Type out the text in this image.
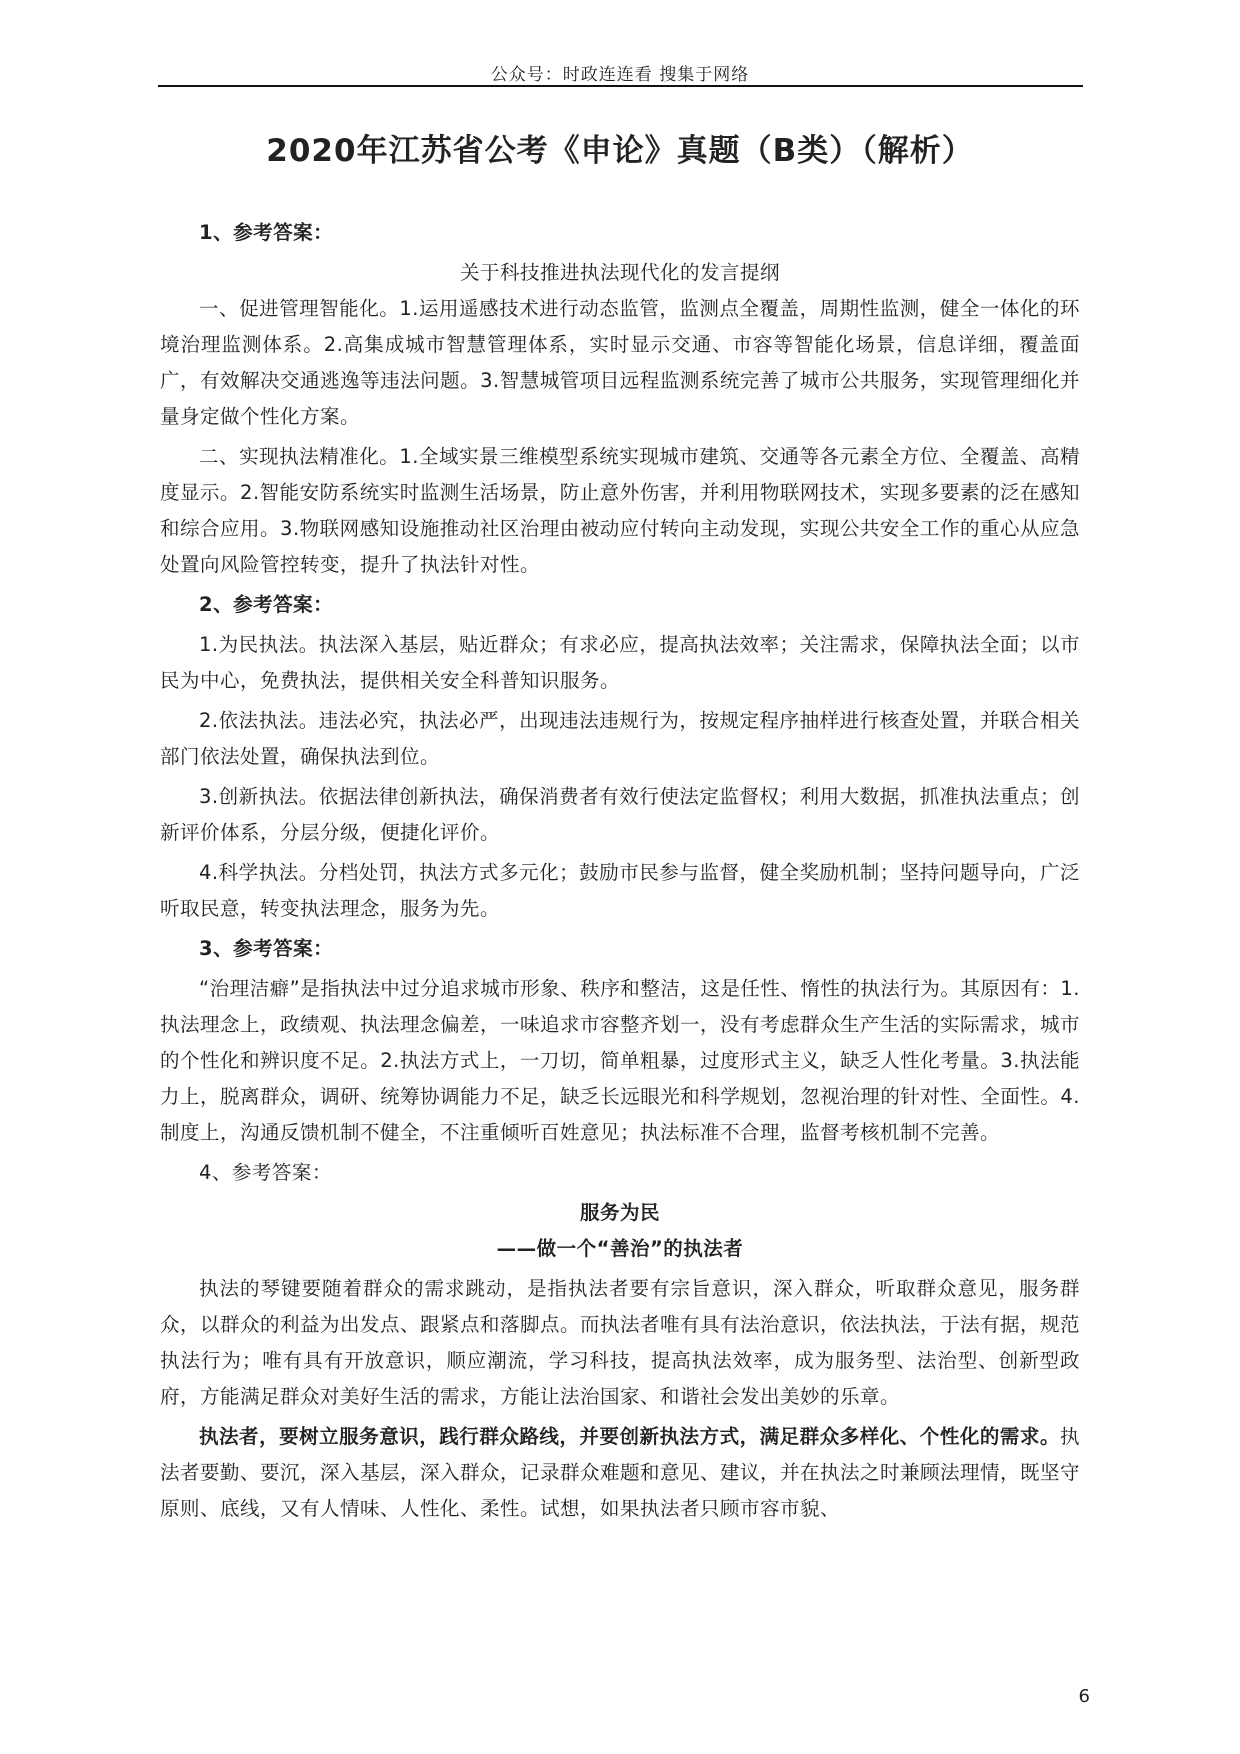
公众号：时政连连看 搜集于网络
2020年江苏省公考《申论》真题（B类）（解析）

1、参考答案：

关于科技推进执法现代化的发言提纲

一、促进管理智能化。1.运用遥感技术进行动态监管，监测点全覆盖，周期性监测，健全一体化的环境治理监测体系。2.高集成城市智慧管理体系，实时显示交通、市容等智能化场景，信息详细，覆盖面广，有效解决交通逃逸等违法问题。3.智慧城管项目远程监测系统完善了城市公共服务，实现管理细化并量身定做个性化方案。

二、实现执法精准化。1.全域实景三维模型系统实现城市建筑、交通等各元素全方位、全覆盖、高精度显示。2.智能安防系统实时监测生活场景，防止意外伤害，并利用物联网技术，实现多要素的泛在感知和综合应用。3.物联网感知设施推动社区治理由被动应付转向主动发现，实现公共安全工作的重心从应急处置向风险管控转变，提升了执法针对性。

2、参考答案：

1.为民执法。执法深入基层，贴近群众；有求必应，提高执法效率；关注需求，保障执法全面；以市民为中心，免费执法，提供相关安全科普知识服务。

2.依法执法。违法必究，执法必严，出现违法违规行为，按规定程序抽样进行核查处置，并联合相关部门依法处置，确保执法到位。

3.创新执法。依据法律创新执法，确保消费者有效行使法定监督权；利用大数据，抓准执法重点；创新评价体系，分层分级，便捷化评价。

4.科学执法。分档处罚，执法方式多元化；鼓励市民参与监督，健全奖励机制；坚持问题导向，广泛听取民意，转变执法理念，服务为先。

3、参考答案：

“治理洁癖”是指执法中过分追求城市形象、秩序和整洁，这是任性、惰性的执法行为。其原因有：1.执法理念上，政绩观、执法理念偏差，一味追求市容整齐划一，没有考虑群众生产生活的实际需求，城市的个性化和辨识度不足。2.执法方式上，一刀切，简单粗暴，过度形式主义，缺乏人性化考量。3.执法能力上，脱离群众，调研、统筹协调能力不足，缺乏长远眼光和科学规划，忽视治理的针对性、全面性。4.制度上，沟通反馈机制不健全，不注重倾听百姓意见；执法标准不合理，监督考核机制不完善。

4、参考答案：

服务为民

——做一个“善治”的执法者

执法的琴键要随着群众的需求跳动，是指执法者要有宗旨意识，深入群众，听取群众意见，服务群众，以群众的利益为出发点、跟紧点和落脚点。而执法者唯有具有法治意识，依法执法，于法有据，规范执法行为；唯有具有开放意识，顺应潮流，学习科技，提高执法效率，成为服务型、法治型、创新型政府，方能满足群众对美好生活的需求，方能让法治国家、和谐社会发出美妙的乐章。

执法者，要树立服务意识，践行群众路线，并要创新执法方式，满足群众多样化、个性化的需求。执法者要勤、要沉，深入基层，深入群众，记录群众难题和意见、建议，并在执法之时兼顾法理情，既坚守原则、底线，又有人情味、人性化、柔性。试想，如果执法者只顾市容市貌、

6
